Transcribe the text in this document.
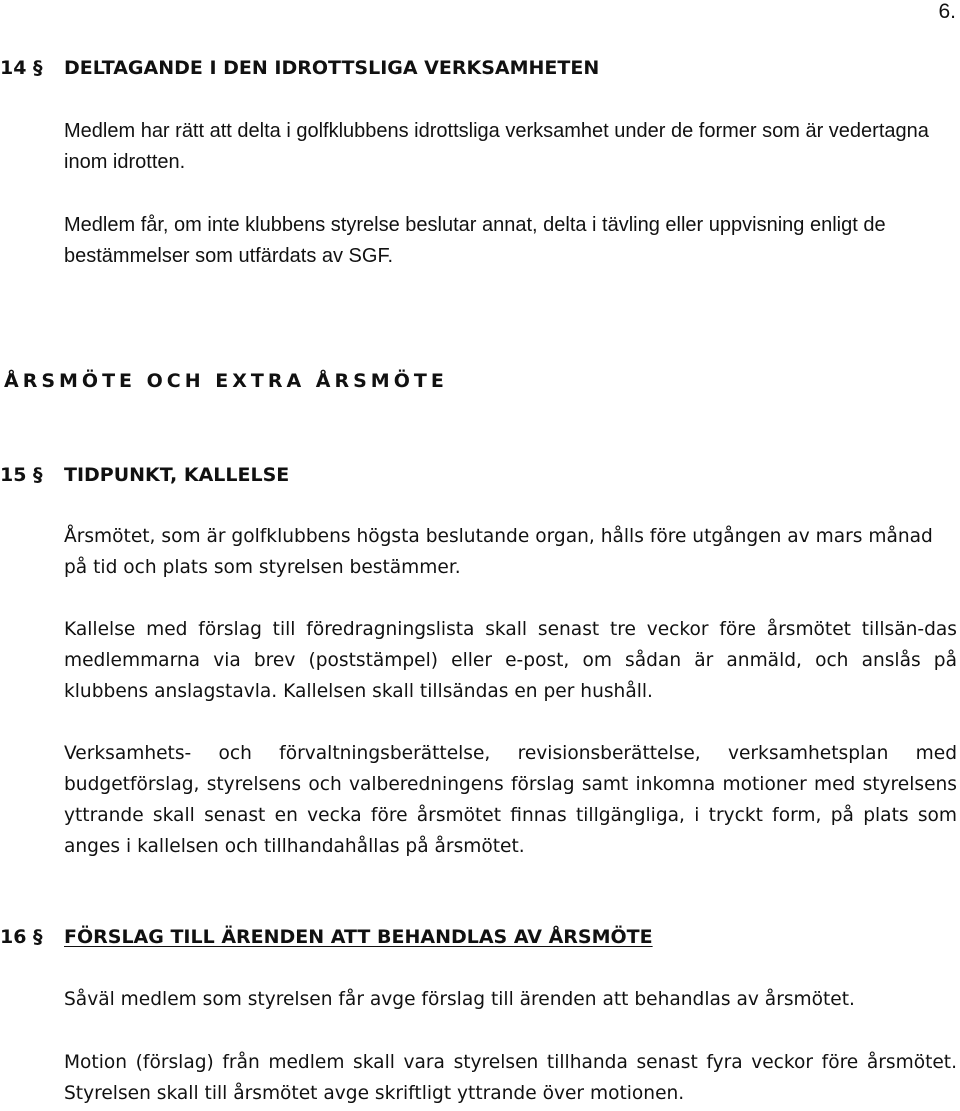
6.
14 § DELTAGANDE I DEN IDROTTSLIGA VERKSAMHETEN

Medlem har rätt att delta i golfklubbens idrottsliga verksamhet under de former som är vedertagna inom idrotten.

Medlem får, om inte klubbens styrelse beslutar annat, delta i tävling eller uppvisning enligt de bestämmelser som utfärdats av SGF.

ÅRSMÖTE OCH EXTRA ÅRSMÖTE
15 § TIDPUNKT, KALLELSE

Årsmötet, som är golfklubbens högsta beslutande organ, hålls före utgången av mars månad på tid och plats som styrelsen bestämmer.

Kallelse med förslag till föredragningslista skall senast tre veckor före årsmötet tillsän-das medlemmarna via brev (poststämpel) eller e-post, om sådan är anmäld, och anslås på klubbens anslagstavla. Kallelsen skall tillsändas en per hushåll.

Verksamhets- och förvaltningsberättelse, revisionsberättelse, verksamhetsplan med budgetförslag, styrelsens och valberedningens förslag samt inkomna motioner med styrelsens yttrande skall senast en vecka före årsmötet finnas tillgängliga, i tryckt form, på plats som anges i kallelsen och tillhandahållas på årsmötet.

16 § FÖRSLAG TILL ÄRENDEN ATT BEHANDLAS AV ÅRSMÖTE

Såväl medlem som styrelsen får avge förslag till ärenden att behandlas av årsmötet.

Motion (förslag) från medlem skall vara styrelsen tillhanda senast fyra veckor före årsmötet. Styrelsen skall till årsmötet avge skriftligt yttrande över motionen.
